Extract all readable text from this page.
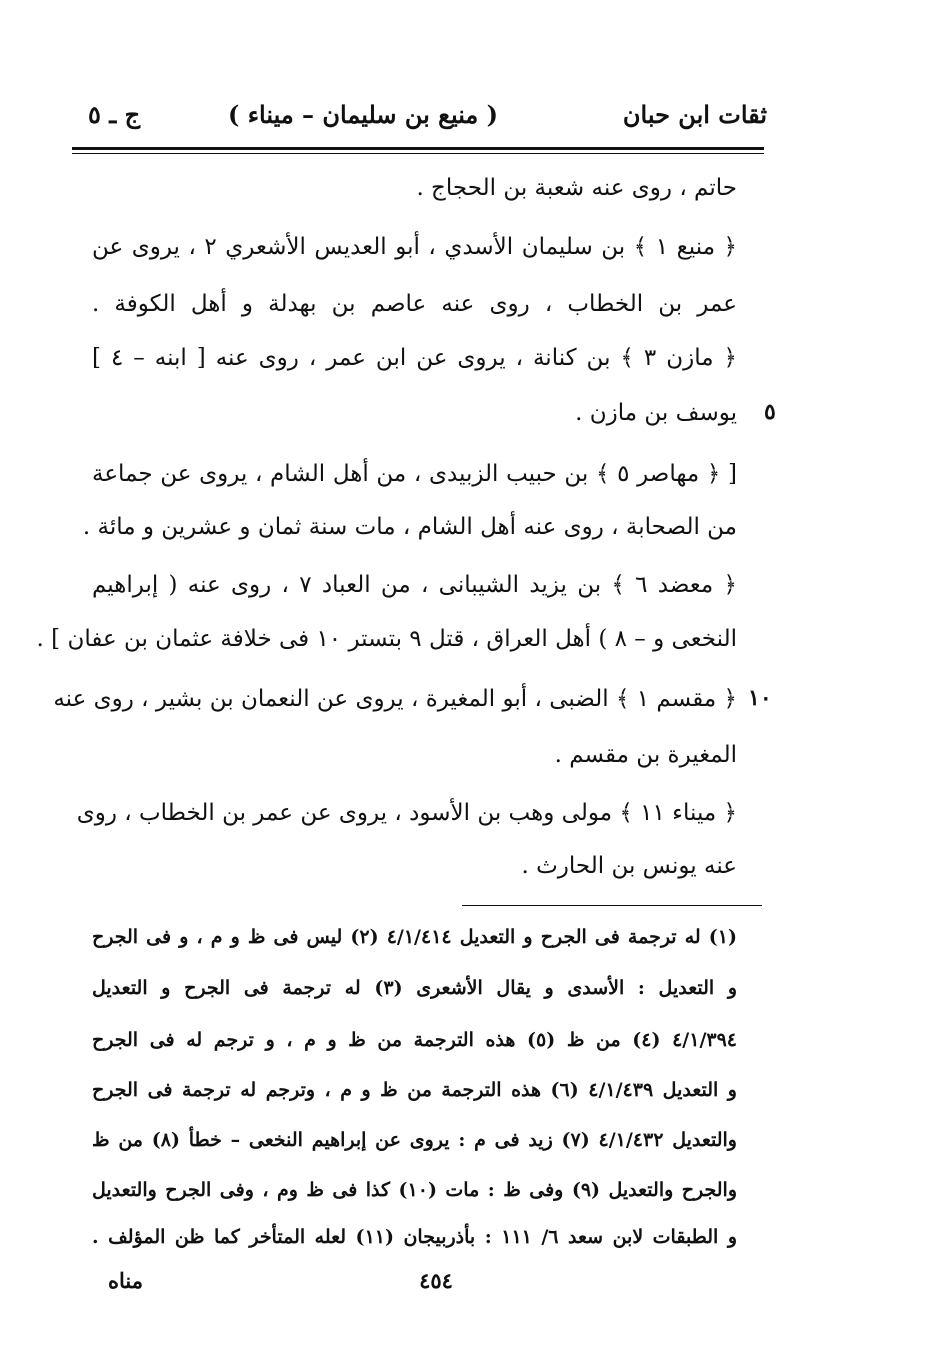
ثقات ابن حبان
( منيع بن سليمان – ميناء )
ج ـ ٥
حاتم ، روى عنه شعبة بن الحجاج .
﴿ منيع ١ ﴾ بن سليمان الأسدي ، أبو العديس الأشعري ٢ ، يروى عن
عمر بن الخطاب ، روى عنه عاصم بن بهدلة و أهل الكوفة .
﴿ مازن ٣ ﴾ بن كنانة ، يروى عن ابن عمر ، روى عنه [ ابنه – ٤ ]
٥
يوسف بن مازن .
[ ﴿ مهاصر ٥ ﴾ بن حبيب الزبيدى ، من أهل الشام ، يروى عن جماعة
من الصحابة ، روى عنه أهل الشام ، مات سنة ثمان و عشرين و مائة .
﴿ معضد ٦ ﴾ بن يزيد الشيبانى ، من العباد ٧ ، روى عنه ( إبراهيم
النخعى و – ٨ ) أهل العراق ، قتل ٩ بتستر ١٠ فى خلافة عثمان بن عفان ] .
١٠
﴿ مقسم ١ ﴾ الضبى ، أبو المغيرة ، يروى عن النعمان بن بشير ، روى عنه
المغيرة بن مقسم .
﴿ ميناء ١١ ﴾ مولى وهب بن الأسود ، يروى عن عمر بن الخطاب ، روى
عنه يونس بن الحارث .
(١) له ترجمة فى الجرح و التعديل ٤/١/٤١٤ (٢) ليس فى ظ و م ، و فى الجرح
و التعديل : الأسدى و يقال الأشعرى (٣) له ترجمة فى الجرح و التعديل
٤/١/٣٩٤ (٤) من ظ (٥) هذه الترجمة من ظ و م ، و ترجم له فى الجرح
و التعديل ٤/١/٤٣٩ (٦) هذه الترجمة من ظ و م ، وترجم له ترجمة فى الجرح
والتعديل ٤/١/٤٣٢ (٧) زيد فى م : يروى عن إبراهيم النخعى – خطأ (٨) من ظ
والجرح والتعديل (٩) وفى ظ : مات (١٠) كذا فى ظ وم ، وفى الجرح والتعديل
و الطبقات لابن سعد ٦/ ١١١ : بأذربيجان (١١) لعله المتأخر كما ظن المؤلف .
٤٥٤
مناه
